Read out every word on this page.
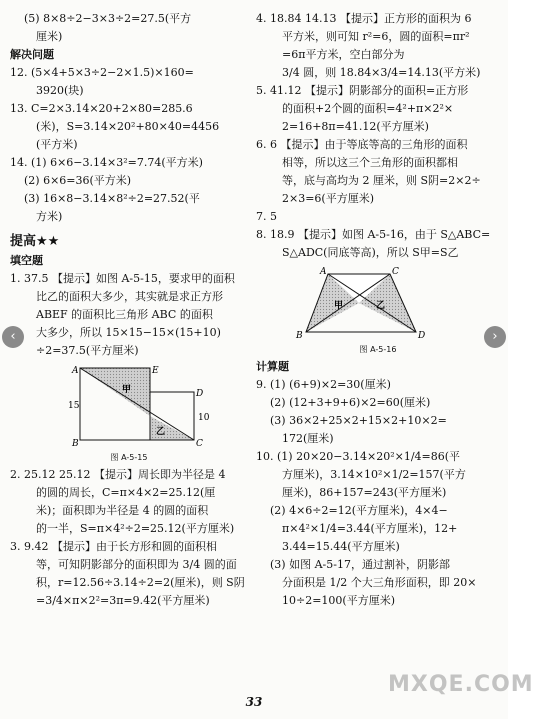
(5) 8×8÷2−3×3÷2=27.5(平方
厘米)
解决问题
12. (5×4+5×3÷2−2×1.5)×160=
3920(块)
13. C=2×3.14×20+2×80=285.6
(米)，S=3.14×20²+80×40=4456
(平方米)
14. (1) 6×6−3.14×3²=7.74(平方米)
(2) 6×6=36(平方米)
(3) 16×8−3.14×8²÷2=27.52(平
方米)
提高★★
填空题
1. 37.5 【提示】如图 A-5-15，要求甲的面积
比乙的面积大多少，其实就是求正方形
ABEF 的面积比三角形 ABC 的面积
大多少，所以 15×15−15×(15+10)
÷2=37.5(平方厘米)
A	E
D
B	C
15
10
甲
乙
图 A-5-15
2. 25.12 25.12 【提示】周长即为半径是 4
的圆的周长，C=π×4×2=25.12(厘
米)；面积即为半径是 4 的圆的面积
的一半，S=π×4²÷2=25.12(平方厘米)
3. 9.42 【提示】由于长方形和圆的面积相
等，可知阴影部分的面积即为 3/4 圆的面
积，r=12.56÷3.14÷2=2(厘米)，则 S阴
=3/4×π×2²=3π=9.42(平方厘米)
4. 18.84 14.13 【提示】正方形的面积为 6
平方米，则可知 r²=6，圆的面积=πr²
=6π平方米，空白部分为
3/4 圆，则 18.84×3/4=14.13(平方米)
5. 41.12 【提示】阴影部分的面积=正方形
的面积+2个圆的面积=4²+π×2²×
2=16+8π=41.12(平方厘米)
6. 6 【提示】由于等底等高的三角形的面积
相等，所以这三个三角形的面积都相
等，底与高均为 2 厘米，则 S阴=2×2÷
2×3=6(平方厘米)
7. 5
8. 18.9 【提示】如图 A-5-16，由于 S△ABC=
S△ADC(同底等高)，所以 S甲=S乙
A	C
B	D
甲	乙
图 A-5-16
计算题
9. (1) (6+9)×2=30(厘米)
(2) (12+3+9+6)×2=60(厘米)
(3) 36×2+25×2+15×2+10×2=
172(厘米)
10. (1) 20×20−3.14×20²×1/4=86(平
方厘米)，3.14×10²×1/2=157(平方
厘米)，86+157=243(平方厘米)
(2) 4×6÷2=12(平方厘米)，4×4−
π×4²×1/4=3.44(平方厘米)，12+
3.44=15.44(平方厘米)
(3) 如图 A-5-17，通过割补，阴影部
分面积是 1/2 个大三角形面积，即 20×
10÷2=100(平方厘米)
33
‹	›
MXQE.COM
